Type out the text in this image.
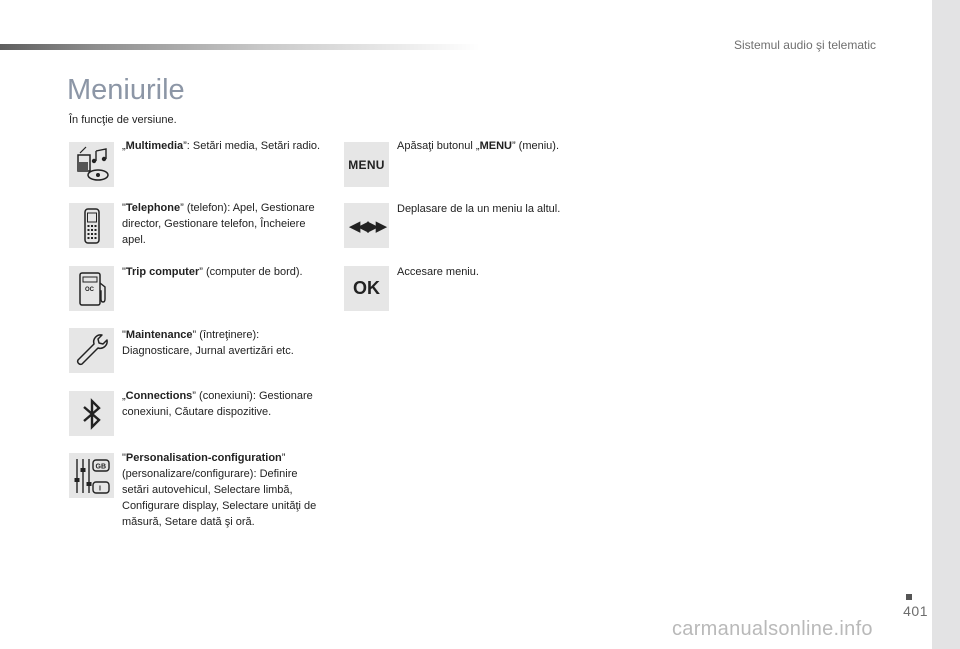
401
Sistemul audio şi telematic
Meniurile
În funcţie de versiune.
„Multimedia”: Setări media, Setări radio.
"Telephone” (telefon): Apel, Gestionare director, Gestionare telefon, Încheiere apel.
OC
"Trip computer” (computer de bord).
"Maintenance” (întreţinere): Diagnosticare, Jurnal avertizări etc.
„Connections” (conexiuni): Gestionare conexiuni, Căutare dispozitive.
GB
I
"Personalisation-configuration” (personalizare/configurare): Definire setări autovehicul, Selectare limbă, Configurare display, Selectare unităţi de măsură, Setare dată şi oră.
MENU
Apăsaţi butonul „MENU” (meniu).
◀◀ ▶▶
Deplasare de la un meniu la altul.
OK
Accesare meniu.
carmanualsonline.info
